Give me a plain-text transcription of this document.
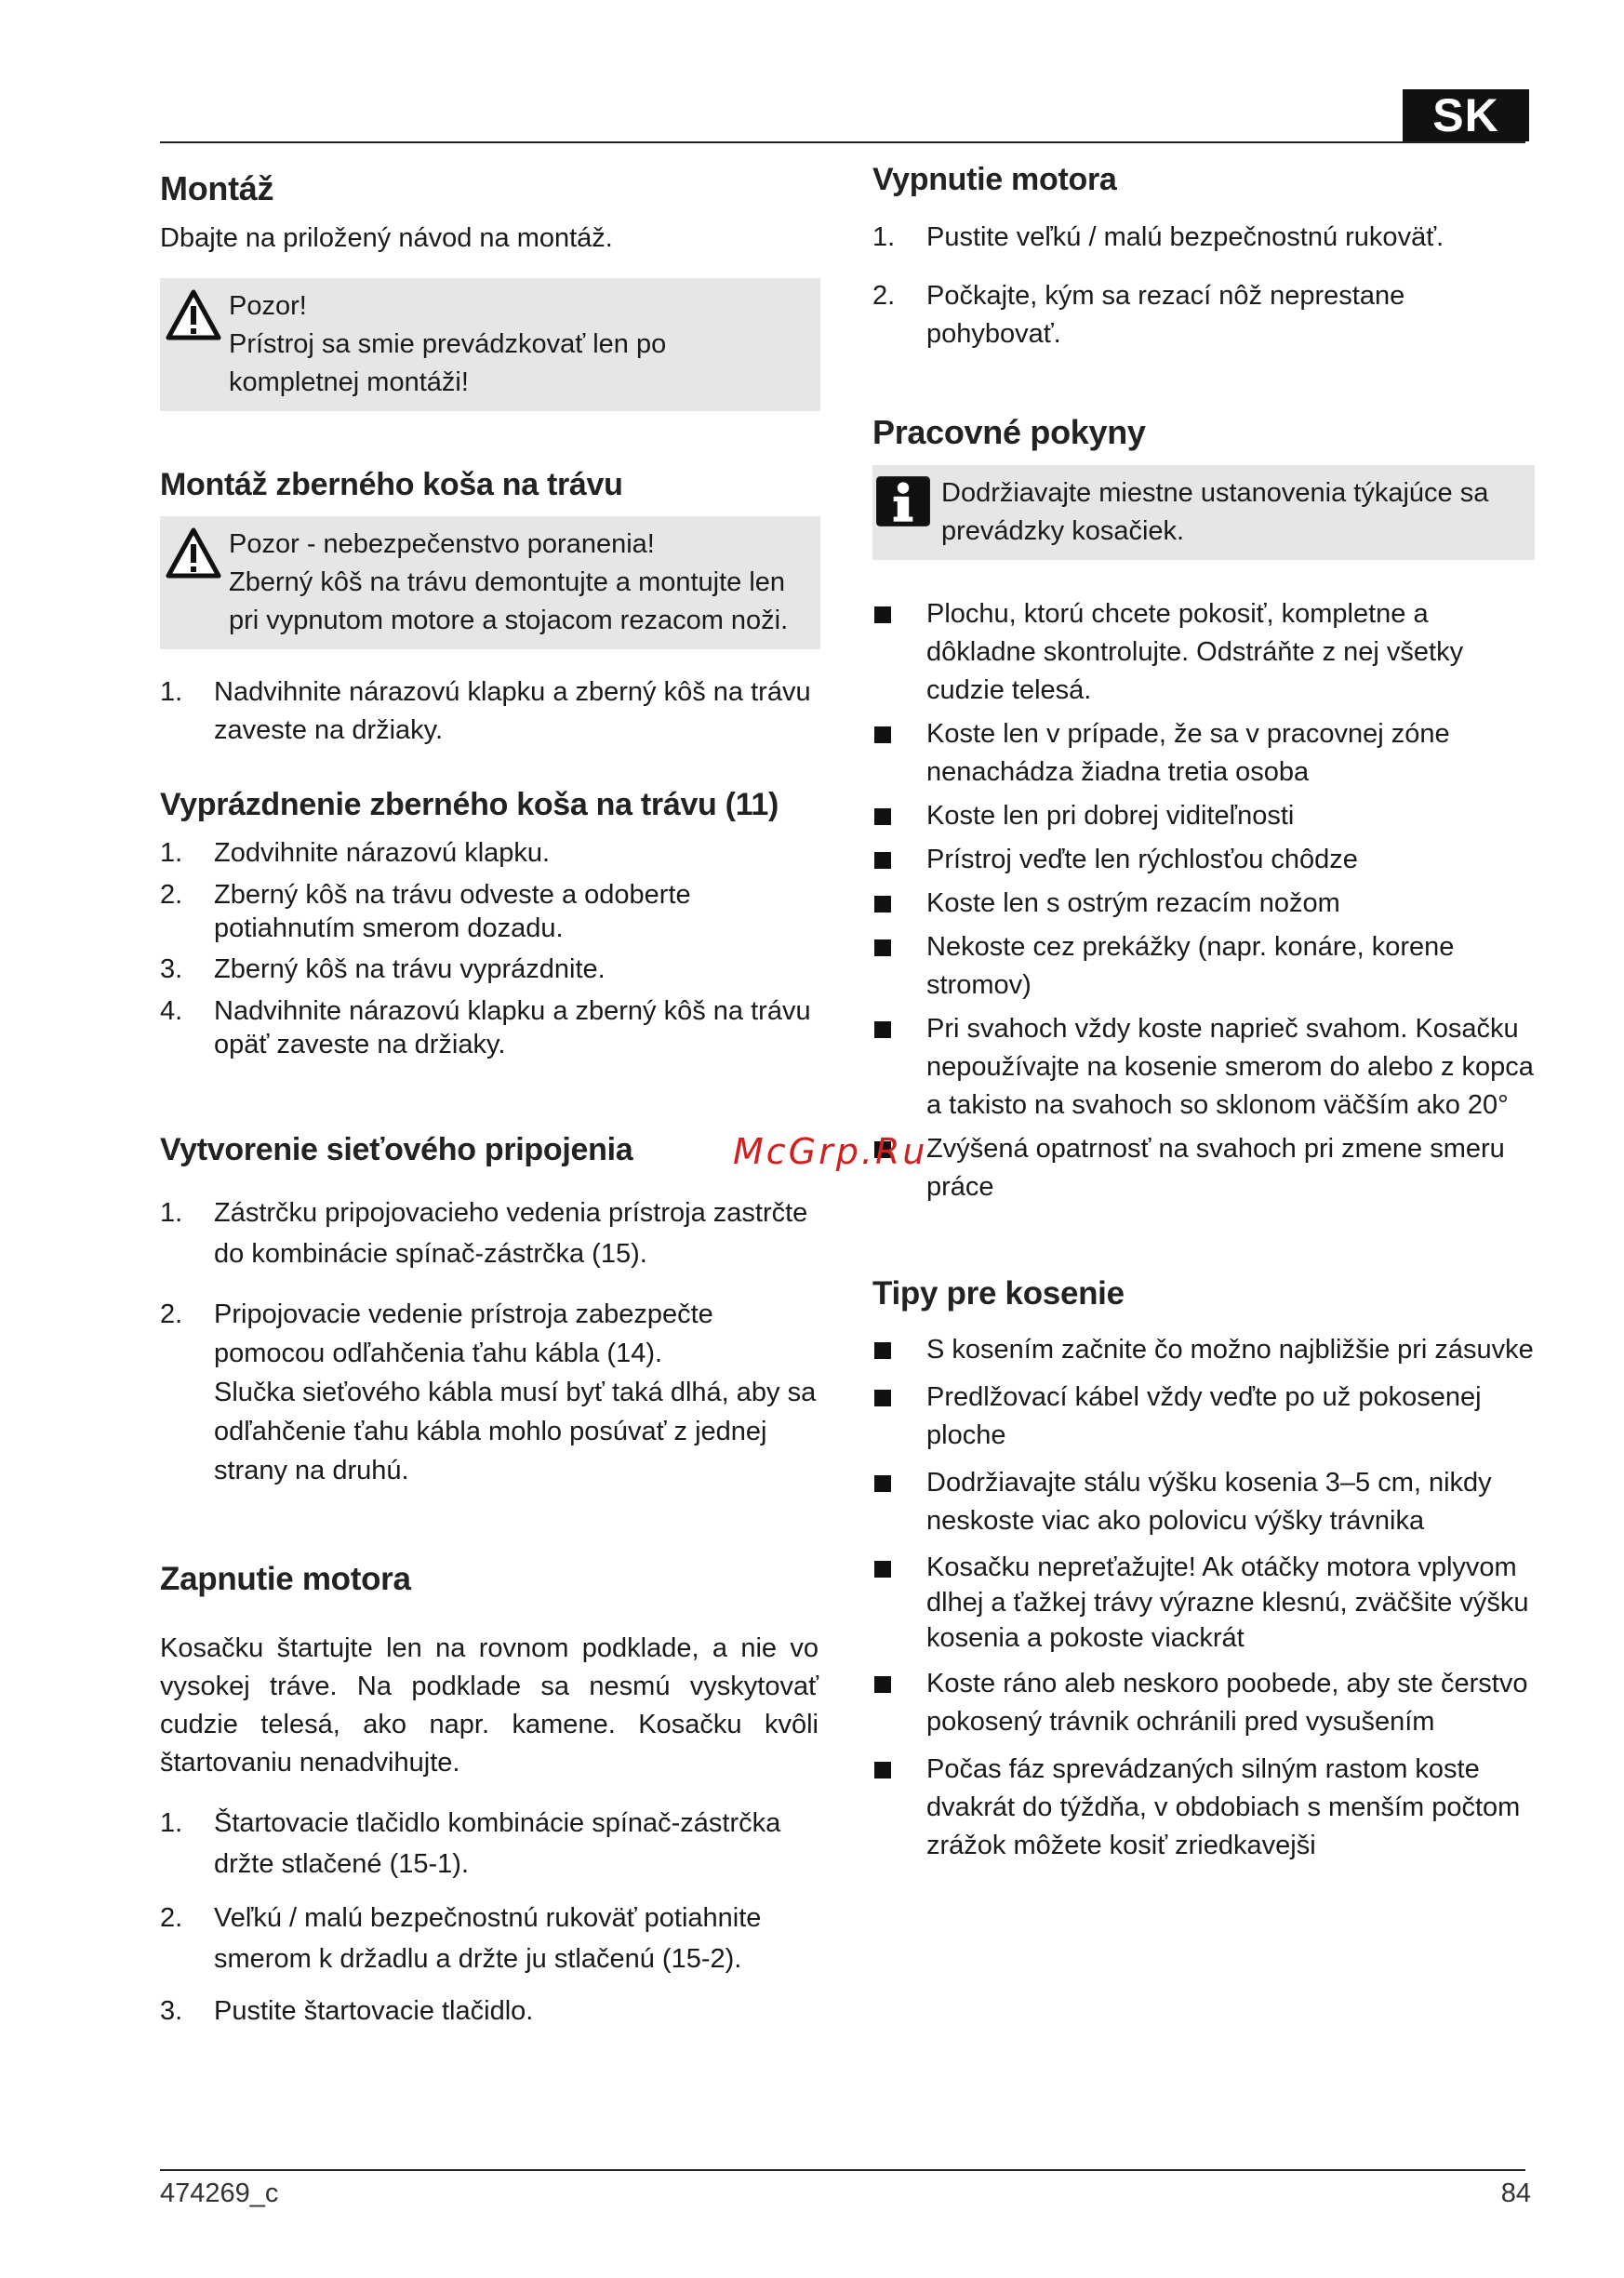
SK
Montáž

Dbajte na priložený návod na montáž.

Pozor!
Prístroj sa smie prevádzkovať len po kompletnej montáži!
Montáž zberného koša na trávu
Pozor - nebezpečenstvo poranenia!
Zberný kôš na trávu demontujte a montujte len pri vypnutom motore a stojacom rezacom noži.
1. Nadvihnite nárazovú klapku a zberný kôš na trávu zaveste na držiaky.
Vyprázdnenie zberného koša na trávu (11)
1. Zodvihnite nárazovú klapku.
2. Zberný kôš na trávu odveste a odoberte potiahnutím smerom dozadu.
3. Zberný kôš na trávu vyprázdnite.
4. Nadvihnite nárazovú klapku a zberný kôš na trávu opäť zaveste na držiaky.
Vytvorenie sieťového pripojenia
1. Zástrčku pripojovacieho vedenia prístroja zastrčte do kombinácie spínač-zástrčka (15).
2. Pripojovacie vedenie prístroja zabezpečte pomocou odľahčenia ťahu kábla (14).
Slučka sieťového kábla musí byť taká dlhá, aby sa odľahčenie ťahu kábla mohlo posúvať z jednej strany na druhú.
Zapnutie motora

Kosačku štartujte len na rovnom podklade, a nie vo vysokej tráve. Na podklade sa nesmú vyskytovať cudzie telesá, ako napr. kamene. Kosačku kvôli štartovaniu nenadvihujte.

1. Štartovacie tlačidlo kombinácie spínač-zástrčka držte stlačené (15-1).
2. Veľkú / malú bezpečnostnú rukoväť potiahnite smerom k držadlu a držte ju stlačenú (15-2).
3. Pustite štartovacie tlačidlo.
Vypnutie motora
1. Pustite veľkú / malú bezpečnostnú rukoväť.
2. Počkajte, kým sa rezací nôž neprestane pohybovať.
Pracovné pokyny
Dodržiavajte miestne ustanovenia týkajúce sa prevádzky kosačiek.
Plochu, ktorú chcete pokosiť, kompletne a dôkladne skontrolujte. Odstráňte z nej všetky cudzie telesá.
Koste len v prípade, že sa v pracovnej zóne nenachádza žiadna tretia osoba
Koste len pri dobrej viditeľnosti
Prístroj veďte len rýchlosťou chôdze
Koste len s ostrým rezacím nožom
Nekoste cez prekážky (napr. konáre, korene stromov)
Pri svahoch vždy koste naprieč svahom. Kosačku nepoužívajte na kosenie smerom do alebo z kopca a takisto na svahoch so sklonom väčším ako 20°
Zvýšená opatrnosť na svahoch pri zmene smeru práce
Tipy pre kosenie
S kosením začnite čo možno najbližšie pri zásuvke
Predlžovací kábel vždy veďte po už pokosenej ploche
Dodržiavajte stálu výšku kosenia 3–5 cm, nikdy neskoste viac ako polovicu výšky trávnika
Kosačku nepreťažujte! Ak otáčky motora vplyvom dlhej a ťažkej trávy výrazne klesnú, zväčšite výšku kosenia a pokoste viackrát
Koste ráno aleb neskoro poobede, aby ste čerstvo pokosený trávnik ochránili pred vysušením
Počas fáz sprevádzaných silným rastom koste dvakrát do týždňa, v obdobiach s menším počtom zrážok môžete kosiť zriedkavejši
McGrp.Ru
474269_c	84
